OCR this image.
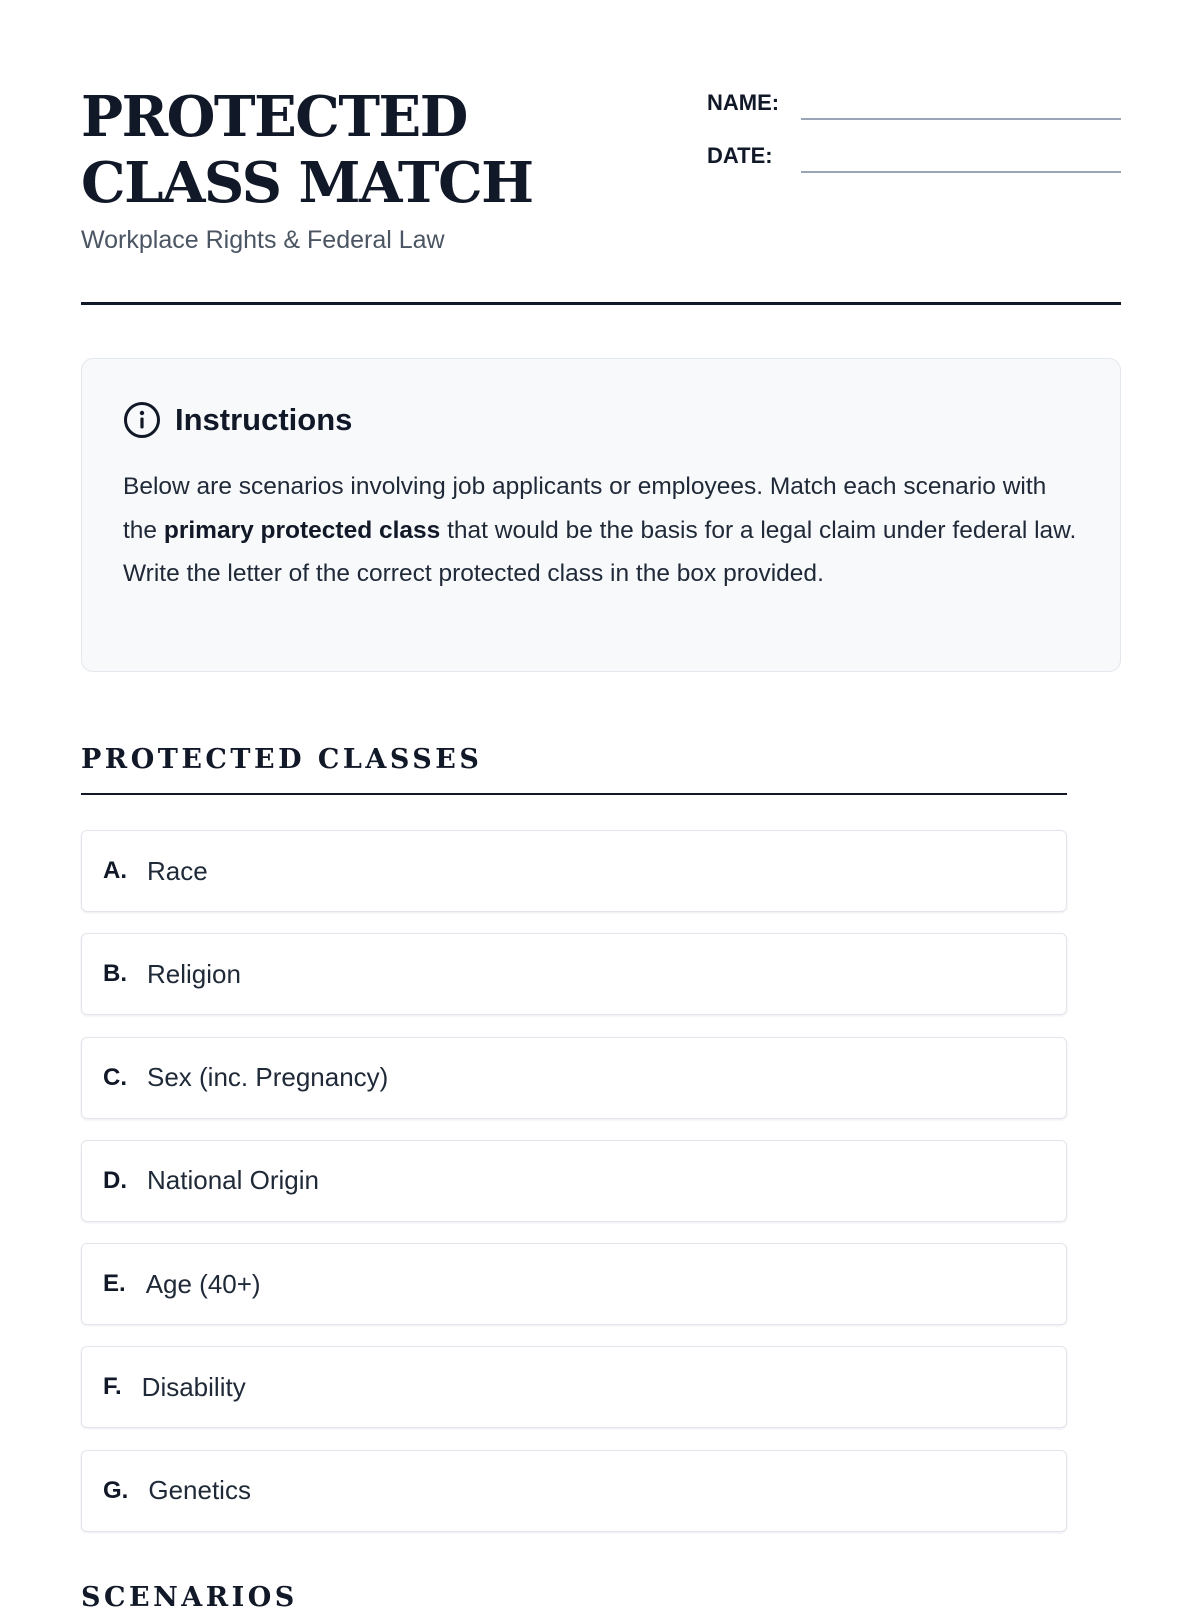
PROTECTED CLASS MATCH
Workplace Rights & Federal Law
NAME:
DATE:
Instructions

Below are scenarios involving job applicants or employees. Match each scenario with the primary protected class that would be the basis for a legal claim under federal law. Write the letter of the correct protected class in the box provided.

PROTECTED CLASSES
A. Race
B. Religion
C. Sex (inc. Pregnancy)
D. National Origin
E. Age (40+)
F. Disability
G. Genetics
SCENARIOS
